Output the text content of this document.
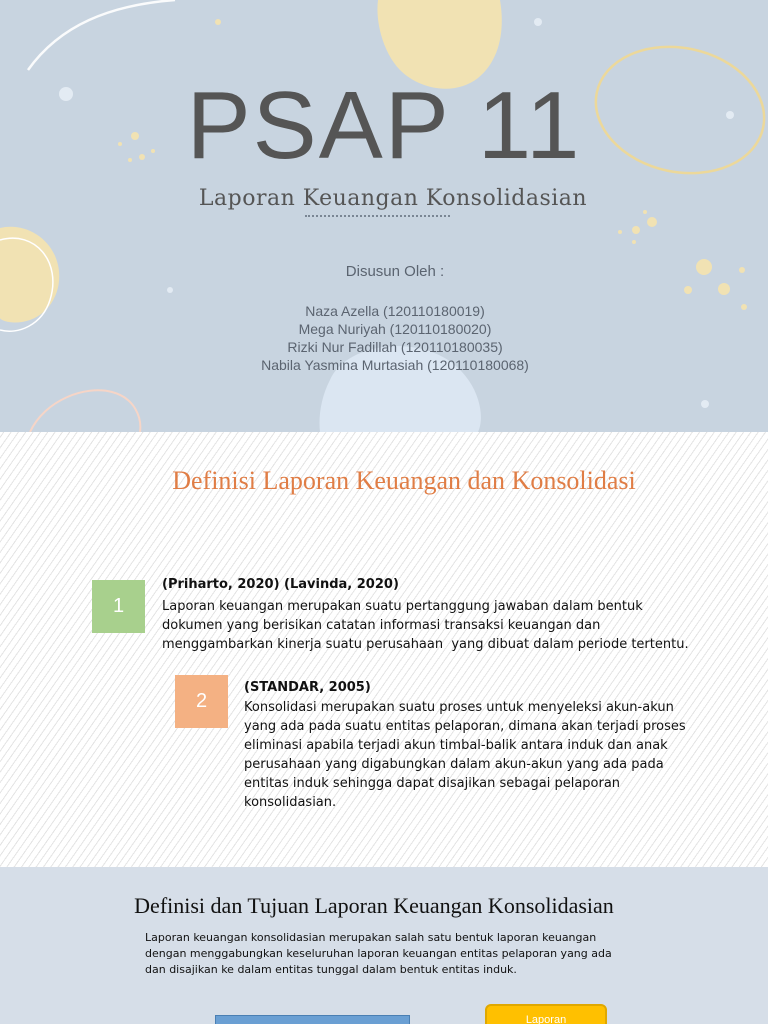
PSAP 11
Laporan Keuangan Konsolidasian
Disusun Oleh :
Naza Azella (120110180019)
Mega Nuriyah (120110180020)
Rizki Nur Fadillah (120110180035)
Nabila Yasmina Murtasiah (120110180068)
Definisi Laporan Keuangan dan Konsolidasi
1
(Priharto, 2020) (Lavinda, 2020)
Laporan keuangan merupakan suatu pertanggung jawaban dalam bentuk
dokumen yang berisikan catatan informasi transaksi keuangan dan
menggambarkan kinerja suatu perusahaan  yang dibuat dalam periode tertentu.
2
(STANDAR, 2005)
Konsolidasi merupakan suatu proses untuk menyeleksi akun-akun
yang ada pada suatu entitas pelaporan, dimana akan terjadi proses
eliminasi apabila terjadi akun timbal-balik antara induk dan anak
perusahaan yang digabungkan dalam akun-akun yang ada pada
entitas induk sehingga dapat disajikan sebagai pelaporan
konsolidasian.
Definisi dan Tujuan Laporan Keuangan Konsolidasian
Laporan keuangan konsolidasian merupakan salah satu bentuk laporan keuangan
dengan menggabungkan keseluruhan laporan keuangan entitas pelaporan yang ada
dan disajikan ke dalam entitas tunggal dalam bentuk entitas induk.
Laporan
